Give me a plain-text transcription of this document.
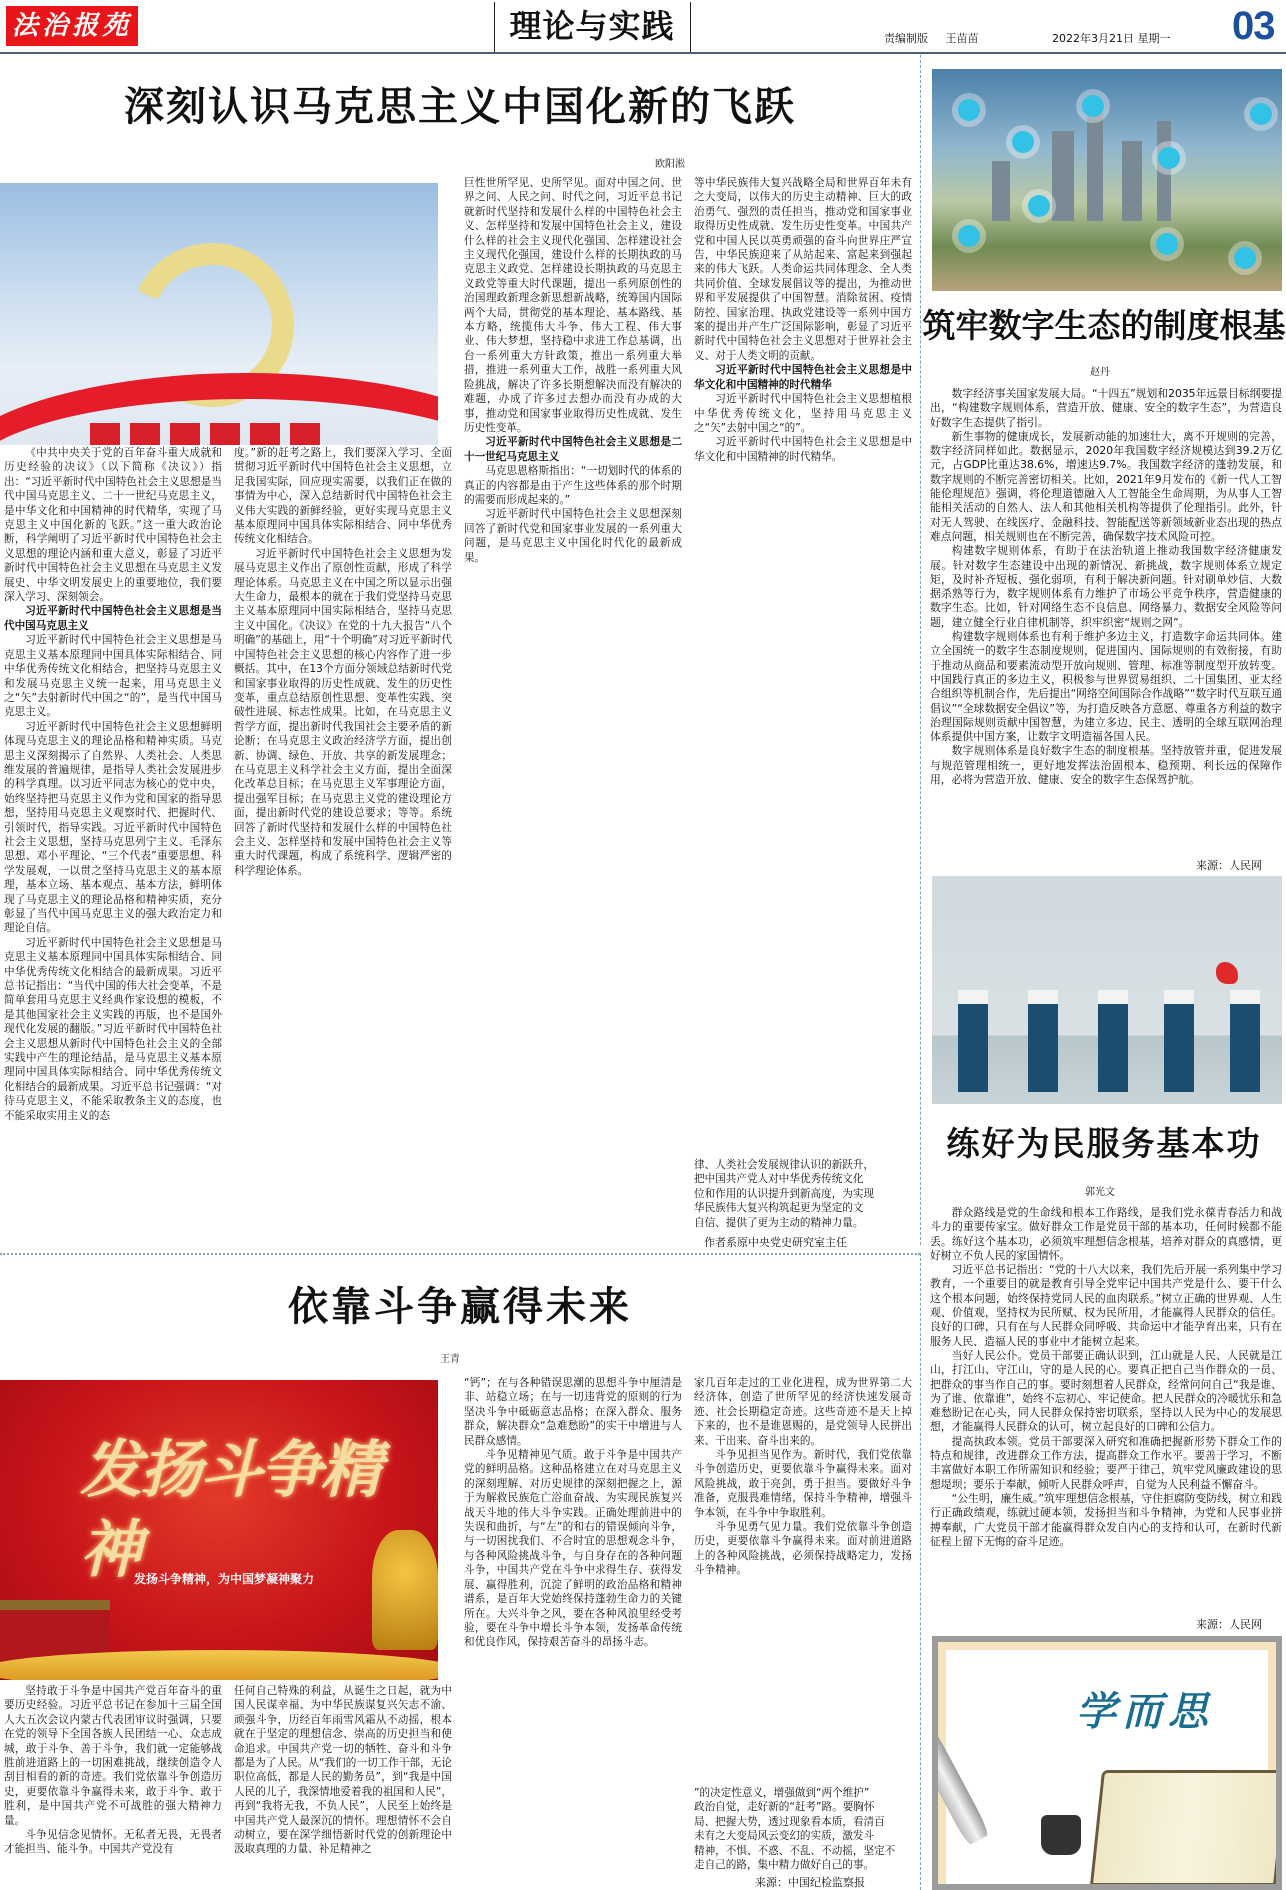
法治报苑	理论与实践	责编制版 王苗苗	2022年3月21日 星期一 03
深刻认识马克思主义中国化新的飞跃
欧阳淞

《中共中央关于党的百年奋斗重大成就和历史经验的决议》（以下简称《决议》）指出：“习近平新时代中国特色社会主义思想是当代中国马克思主义、二十一世纪马克思主义，是中华文化和中国精神的时代精华，实现了马克思主义中国化新的飞跃。”这一重大政治论断，科学阐明了习近平新时代中国特色社会主义思想的理论内涵和重大意义，彰显了习近平新时代中国特色社会主义思想在马克思主义发展史、中华文明发展史上的重要地位，我们要深入学习、深刻领会。

习近平新时代中国特色社会主义思想是当代中国马克思主义

习近平新时代中国特色社会主义思想是马克思主义基本原理同中国具体实际相结合、同中华优秀传统文化相结合，把坚持马克思主义和发展马克思主义统一起来，用马克思主义之“矢”去射新时代中国之“的”，是当代中国马克思主义。

习近平新时代中国特色社会主义思想鲜明体现马克思主义的理论品格和精神实质。马克思主义深刻揭示了自然界、人类社会、人类思维发展的普遍规律，是指导人类社会发展进步的科学真理。以习近平同志为核心的党中央，始终坚持把马克思主义作为党和国家的指导思想，坚持用马克思主义观察时代、把握时代、引领时代，指导实践。习近平新时代中国特色社会主义思想，坚持马克思列宁主义、毛泽东思想、邓小平理论、“三个代表”重要思想、科学发展观，一以贯之坚持马克思主义的基本原理，基本立场、基本观点、基本方法，鲜明体现了马克思主义的理论品格和精神实质，充分彰显了当代中国马克思主义的强大政治定力和理论自信。

习近平新时代中国特色社会主义思想是马克思主义基本原理同中国具体实际相结合、同中华优秀传统文化相结合的最新成果。习近平总书记指出：“当代中国的伟大社会变革，不是简单套用马克思主义经典作家设想的模板，不是其他国家社会主义实践的再版，也不是国外现代化发展的翻版。”习近平新时代中国特色社会主义思想从新时代中国特色社会主义的全部实践中产生的理论结晶，是马克思主义基本原理同中国具体实际相结合、同中华优秀传统文化相结合的最新成果。习近平总书记强调：“对待马克思主义，不能采取教条主义的态度，也不能采取实用主义的态

度。”新的赶考之路上，我们要深入学习、全面贯彻习近平新时代中国特色社会主义思想，立足我国实际，回应现实需要，以我们正在做的事情为中心，深入总结新时代中国特色社会主义伟大实践的新鲜经验，更好实现马克思主义基本原理同中国具体实际相结合、同中华优秀传统文化相结合。

习近平新时代中国特色社会主义思想为发展马克思主义作出了原创性贡献，形成了科学理论体系。马克思主义在中国之所以显示出强大生命力，最根本的就在于我们党坚持马克思主义基本原理同中国实际相结合，坚持马克思主义中国化。《决议》在党的十九大报告“八个明确”的基础上，用“十个明确”对习近平新时代中国特色社会主义思想的核心内容作了进一步概括。其中，在13个方面分领域总结新时代党和国家事业取得的历史性成就、发生的历史性变革，重点总结原创性思想、变革性实践、突破性进展、标志性成果。比如，在马克思主义哲学方面，提出新时代我国社会主要矛盾的新论断；在马克思主义政治经济学方面，提出创新、协调、绿色、开放、共享的新发展理念；在马克思主义科学社会主义方面，提出全面深化改革总目标；在马克思主义军事理论方面，提出强军目标；在马克思主义党的建设理论方面，提出新时代党的建设总要求；等等。系统回答了新时代坚持和发展什么样的中国特色社会主义、怎样坚持和发展中国特色社会主义等重大时代课题，构成了系统科学、逻辑严密的科学理论体系。

巨性世所罕见、史所罕见。面对中国之问、世界之问、人民之问、时代之问，习近平总书记就新时代坚持和发展什么样的中国特色社会主义、怎样坚持和发展中国特色社会主义，建设什么样的社会主义现代化强国、怎样建设社会主义现代化强国，建设什么样的长期执政的马克思主义政党、怎样建设长期执政的马克思主义政党等重大时代课题，提出一系列原创性的治国理政新理念新思想新战略，统筹国内国际两个大局，贯彻党的基本理论、基本路线、基本方略，统揽伟大斗争、伟大工程、伟大事业、伟大梦想，坚持稳中求进工作总基调，出台一系列重大方针政策，推出一系列重大举措，推进一系列重大工作，战胜一系列重大风险挑战，解决了许多长期想解决而没有解决的难题，办成了许多过去想办而没有办成的大事，推动党和国家事业取得历史性成就、发生历史性变革。

习近平新时代中国特色社会主义思想是二十一世纪马克思主义

马克思恩格斯指出：“一切划时代的体系的真正的内容都是由于产生这些体系的那个时期的需要而形成起来的。”

习近平新时代中国特色社会主义思想深刻回答了新时代党和国家事业发展的一系列重大问题，是马克思主义中国化时代化的最新成果。

等中华民族伟大复兴战略全局和世界百年未有之大变局，以伟大的历史主动精神、巨大的政治勇气、强烈的责任担当，推动党和国家事业取得历史性成就、发生历史性变革。中国共产党和中国人民以英勇顽强的奋斗向世界庄严宣告，中华民族迎来了从站起来、富起来到强起来的伟大飞跃。人类命运共同体理念、全人类共同价值、全球发展倡议等的提出，为推动世界和平发展提供了中国智慧。消除贫困、疫情防控、国家治理、执政党建设等一系列中国方案的提出并产生广泛国际影响，彰显了习近平新时代中国特色社会主义思想对于世界社会主义、对于人类文明的贡献。

习近平新时代中国特色社会主义思想是中华文化和中国精神的时代精华

习近平新时代中国特色社会主义思想植根中华优秀传统文化，坚持用马克思主义之“矢”去射中国之“的”。

习近平新时代中国特色社会主义思想是中华文化和中国精神的时代精华。

律、人类社会发展规律认识的新跃升，

把中国共产党人对中华优秀传统文化

位和作用的认识提升到新高度，为实现

华民族伟大复兴构筑起更为坚定的文

自信、提供了更为主动的精神力量。

作者系原中央党史研究室主任
筑牢数字生态的制度根基
赵丹

数字经济事关国家发展大局。“十四五”规划和2035年远景目标纲要提出，“构建数字规则体系，营造开放、健康、安全的数字生态”，为营造良好数字生态提供了指引。

新生事物的健康成长，发展新动能的加速壮大，离不开规则的完善，数字经济同样如此。数据显示，2020年我国数字经济规模达到39.2万亿元，占GDP比重达38.6%，增速达9.7%。我国数字经济的蓬勃发展，和数字规则的不断完善密切相关。比如，2021年9月发布的《新一代人工智能伦理规范》强调，将伦理道德融入人工智能全生命周期，为从事人工智能相关活动的自然人、法人和其他相关机构等提供了伦理指引。此外，针对无人驾驶、在线医疗、金融科技、智能配送等新领域新业态出现的热点难点问题，相关规则也在不断完善，确保数字技术风险可控。

构建数字规则体系，有助于在法治轨道上推动我国数字经济健康发展。针对数字生态建设中出现的新情况、新挑战，数字规则体系立规定矩，及时补齐短板、强化弱项，有利于解决新问题。针对刷单炒信、大数据杀熟等行为，数字规则体系有力维护了市场公平竞争秩序，营造健康的数字生态。比如，针对网络生态不良信息、网络暴力、数据安全风险等问题，建立健全行业自律机制等，织牢织密“规则之网”。

构建数字规则体系也有利于维护多边主义，打造数字命运共同体。建立全国统一的数字生态制度规则，促进国内、国际规则的有效衔接，有助于推动从商品和要素流动型开放向规则、管理、标准等制度型开放转变。中国践行真正的多边主义，积极参与世界贸易组织、二十国集团、亚太经合组织等机制合作，先后提出“网络空间国际合作战略”“数字时代互联互通倡议”“全球数据安全倡议”等，为打造反映各方意愿、尊重各方利益的数字治理国际规则贡献中国智慧，为建立多边、民主、透明的全球互联网治理体系提供中国方案，让数字文明造福各国人民。

数字规则体系是良好数字生态的制度根基。坚持放管并重，促进发展与规范管理相统一，更好地发挥法治固根本、稳预期、利长远的保障作用，必将为营造开放、健康、安全的数字生态保驾护航。

来源：人民网
练好为民服务基本功
郭光文

群众路线是党的生命线和根本工作路线，是我们党永葆青春活力和战斗力的重要传家宝。做好群众工作是党员干部的基本功，任何时候都不能丢。练好这个基本功，必须筑牢理想信念根基，培养对群众的真感情，更好树立不负人民的家国情怀。

习近平总书记指出：“党的十八大以来，我们先后开展一系列集中学习教育，一个重要目的就是教育引导全党牢记中国共产党是什么、要干什么这个根本问题，始终保持党同人民的血肉联系。”树立正确的世界观、人生观、价值观，坚持权为民所赋、权为民所用，才能赢得人民群众的信任。良好的口碑，只有在与人民群众同呼吸、共命运中才能孕育出来，只有在服务人民、造福人民的事业中才能树立起来。

当好人民公仆。党员干部要正确认识到，江山就是人民、人民就是江山，打江山、守江山，守的是人民的心。要真正把自己当作群众的一员、把群众的事当作自己的事。要时刻想着人民群众，经常问问自己“我是谁、为了谁、依靠谁”，始终不忘初心、牢记使命。把人民群众的冷暖忧乐和急难愁盼记在心头，同人民群众保持密切联系，坚持以人民为中心的发展思想，才能赢得人民群众的认可，树立起良好的口碑和公信力。

提高执政本领。党员干部要深入研究和准确把握新形势下群众工作的特点和规律，改进群众工作方法，提高群众工作水平。要善于学习，不断丰富做好本职工作所需知识和经验；要严于律己，筑牢党风廉政建设的思想堤坝；要乐于奉献，倾听人民群众呼声，自觉为人民利益不懈奋斗。

“公生明，廉生威。”筑牢理想信念根基，守住拒腐防变防线，树立和践行正确政绩观，练就过硬本领，发扬担当和斗争精神，为党和人民事业拼搏奉献，广大党员干部才能赢得群众发自内心的支持和认可，在新时代新征程上留下无悔的奋斗足迹。

来源：人民网
学而思
依靠斗争赢得未来
王青
发扬斗争精神
发扬斗争精神，为中国梦凝神聚力

坚持敢于斗争是中国共产党百年奋斗的重要历史经验。习近平总书记在参加十三届全国人大五次会议内蒙古代表团审议时强调，只要在党的领导下全国各族人民团结一心、众志成城，敢于斗争、善于斗争，我们就一定能够战胜前进道路上的一切困难挑战，继续创造令人刮目相看的新的奇迹。我们党依靠斗争创造历史，更要依靠斗争赢得未来，敢于斗争、敢于胜利，是中国共产党不可战胜的强大精神力量。

斗争见信念见情怀。无私者无畏，无畏者才能担当、能斗争。中国共产党没有

任何自己特殊的利益，从诞生之日起，就为中国人民谋幸福、为中华民族谋复兴矢志不渝、顽强斗争，历经百年雨雪风霜从不动摇，根本就在于坚定的理想信念、崇高的历史担当和使命追求。中国共产党一切的牺牲、奋斗和斗争都是为了人民。从“我们的一切工作干部，无论职位高低，都是人民的勤务员”，到“我是中国人民的儿子，我深情地爱着我的祖国和人民”，再到“我将无我，不负人民”，人民至上始终是中国共产党人最深沉的情怀。理想情怀不会自动树立，要在深学细悟新时代党的创新理论中汲取真理的力量、补足精神之

“钙”；在与各种错误思潮的思想斗争中厘清是非、站稳立场；在与一切违背党的原则的行为坚决斗争中砥砺意志品格；在深入群众、服务群众，解决群众“急难愁盼”的实干中增进与人民群众感情。

斗争见精神见气质。敢于斗争是中国共产党的鲜明品格。这种品格建立在对马克思主义的深刻理解、对历史规律的深刻把握之上，源于为解救民族危亡浴血奋战、为实现民族复兴战天斗地的伟大斗争实践。正确处理前进中的失误和曲折，与“左”的和右的错误倾向斗争，与一切困扰我们、不合时宜的思想观念斗争，与各种风险挑战斗争，与自身存在的各种问题斗争，中国共产党在斗争中求得生存、获得发展、赢得胜利，沉淀了鲜明的政治品格和精神谱系，是百年大党始终保持蓬勃生命力的关键所在。大兴斗争之风，要在各种风浪里经受考验，要在斗争中增长斗争本领，发扬革命传统和优良作风，保持艰苦奋斗的昂扬斗志。

家几百年走过的工业化进程，成为世界第二大经济体，创造了世所罕见的经济快速发展奇迹、社会长期稳定奇迹。这些奇迹不是天上掉下来的，也不是谁恩赐的，是党领导人民拼出来、干出来、奋斗出来的。

斗争见担当见作为。新时代，我们党依靠斗争创造历史，更要依靠斗争赢得未来。面对风险挑战，敢于亮剑，勇于担当。要做好斗争准备，克服畏难情绪，保持斗争精神，增强斗争本领，在斗争中争取胜利。

斗争见勇气见力量。我们党依靠斗争创造历史，更要依靠斗争赢得未来。面对前进道路上的各种风险挑战，必须保持战略定力，发扬斗争精神。

”的决定性意义，增强做到“两个维护”

政治自觉，走好新的“赶考”路。要胸怀

局、把握大势，透过现象看本质，看清百

未有之大变局风云变幻的实质，激发斗

精神，不惧、不惑、不乱、不动摇，坚定不

走自己的路，集中精力做好自己的事。

来源：中国纪检监察报
